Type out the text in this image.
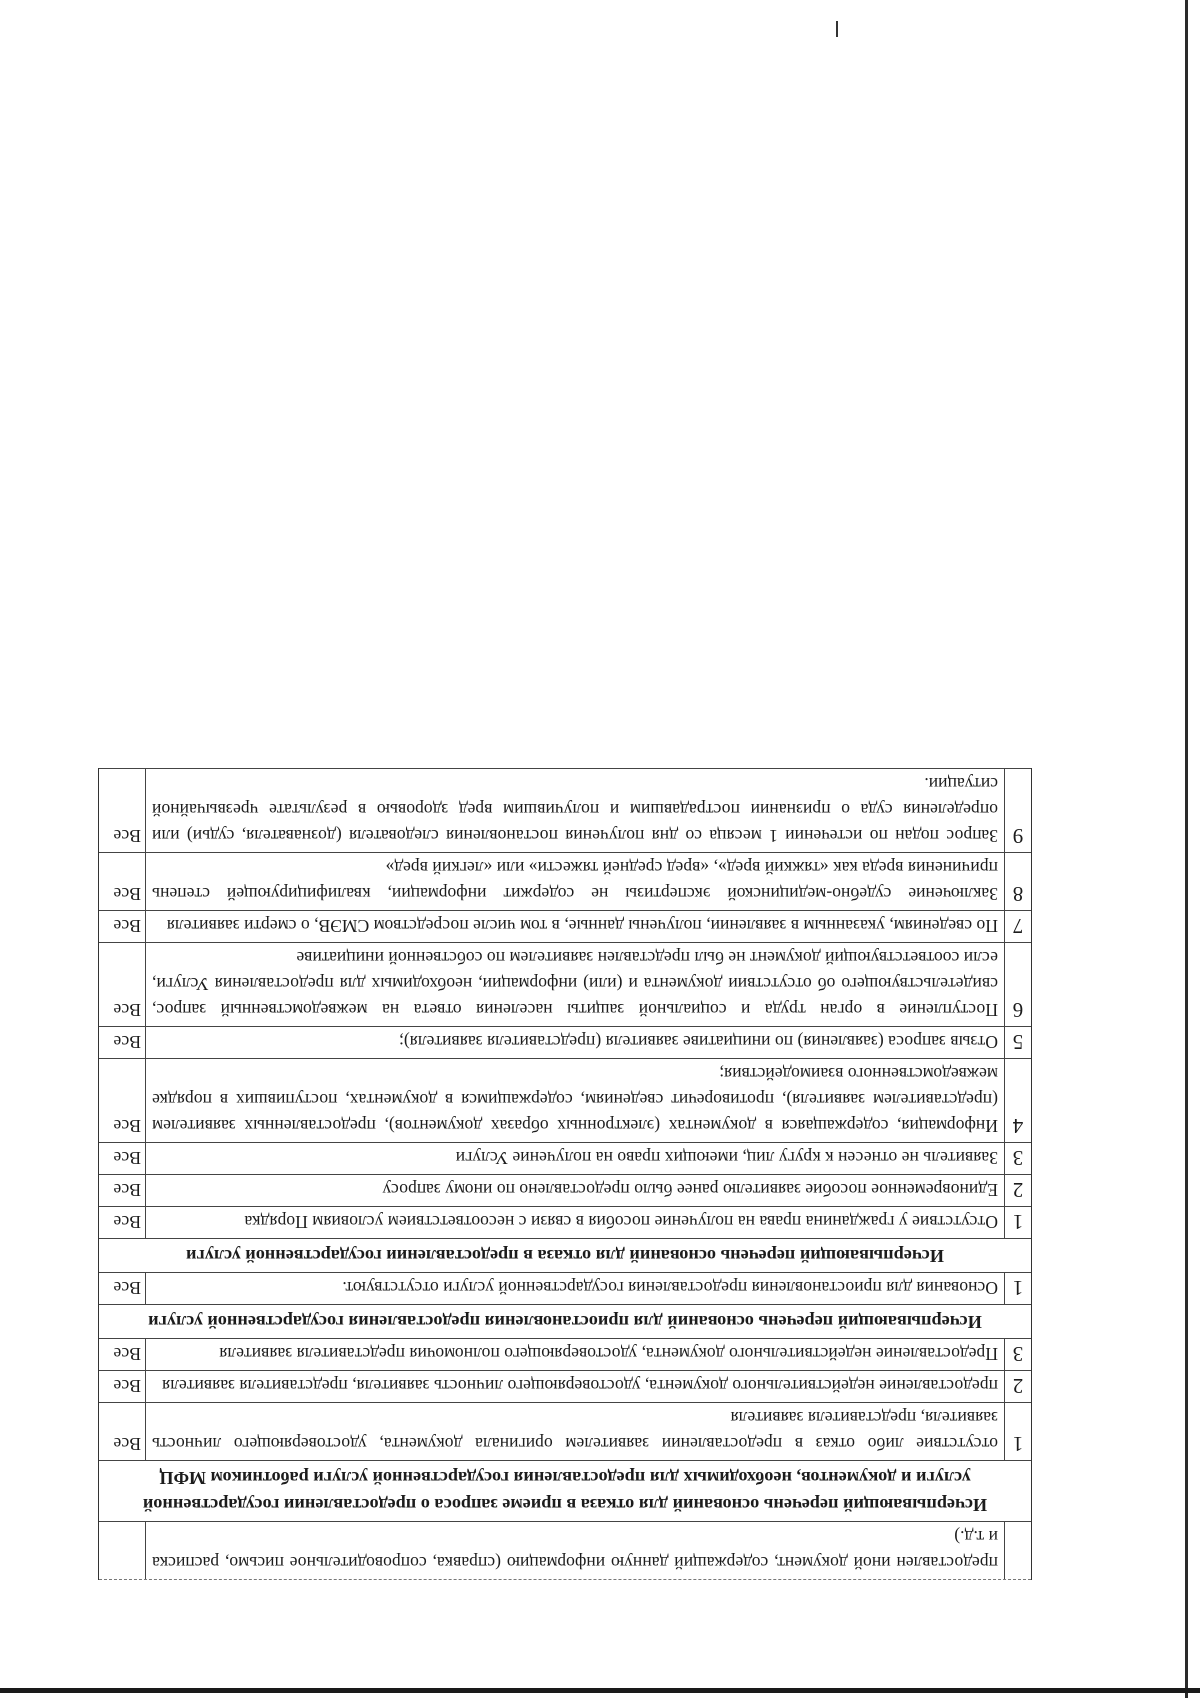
предоставлен иной документ, содержащий данную информацию (справка, сопроводительное письмо, расписка и т.д.)
Исчерпывающий перечень оснований для отказа в приеме запроса о предоставлении государственной услуги и документов, необходимых для предоставления государственной услуги работником МФЦ
1
отсутствие либо отказ в предоставлении заявителем оригинала документа, удостоверяющего личность заявителя, представителя заявителя
Все
2
предоставление недействительного документа, удостоверяющего личность заявителя, представителя заявителя
Все
3
Предоставление недействительного документа, удостоверяющего полномочия представителя заявителя
Все
Исчерпывающий перечень оснований для приостановления предоставления государственной услуги
1
Основания для приостановления предоставления государственной услуги отсутствуют.
Все
Исчерпывающий перечень оснований для отказа в предоставлении государственной услуги
1
Отсутствие у гражданина права на получение пособия в связи с несоответствием условиям Порядка
Все
2
Единовременное пособие заявителю ранее было предоставлено по иному запросу
Все
3
Заявитель не отнесен к кругу лиц, имеющих право на получение Услуги
Все
4
Информация, содержащаяся в документах (электронных образах документов), предоставленных заявителем (представителем заявителя), противоречит сведениям, содержащимся в документах, поступивших в порядке межведомственного взаимодействия;
Все
5
Отзыв запроса (заявления) по инициативе заявителя (представителя заявителя);
Все
6
Поступление в орган труда и социальной защиты населения ответа на межведомственный запрос, свидетельствующего об отсутствии документа и (или) информации, необходимых для предоставления Услуги, если соответствующий документ не был представлен заявителем по собственной инициативе
Все
7
По сведениям, указанным в заявлении, получены данные, в том числе посредством СМЭВ, о смерти заявителя
Все
8
Заключение судебно-медицинской экспертизы не содержит информации, квалифицирующей степень причинения вреда как «тяжкий вред», «вред средней тяжести» или «легкий вред»
Все
9
Запрос подан по истечении 1 месяца со дня получения постановления следователя (дознавателя, судьи) или определения суда о признании пострадавшим и получившим вред здоровью в результате чрезвычайной ситуации.
Все
